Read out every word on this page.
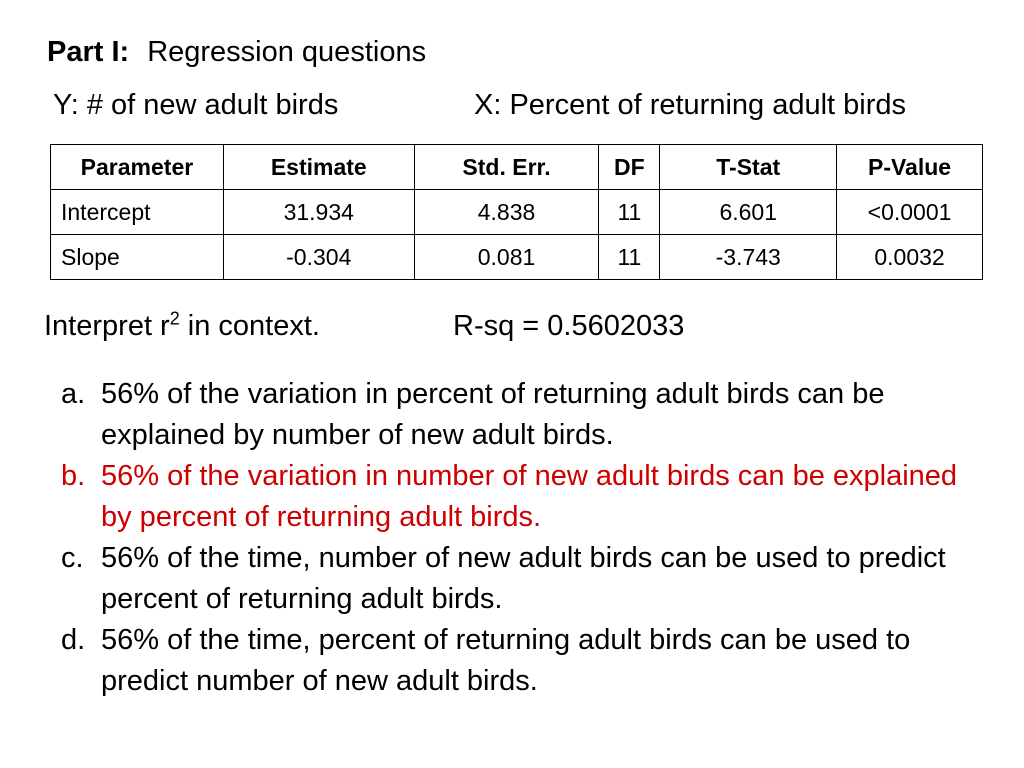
Part I: Regression questions
Y: # of new adult birds	X: Percent of returning adult birds
Parameter	Estimate	Std. Err.	DF	T-Stat	P-Value
Intercept	31.934	4.838	11	6.601	<0.0001
Slope	-0.304	0.081	11	-3.743	0.0032
Interpret $r^2$ in context.	R-sq = 0.5602033
a. 56% of the variation in percent of returning adult birds can be explained by number of new adult birds.
b. 56% of the variation in number of new adult birds can be explained by percent of returning adult birds.
c. 56% of the time, number of new adult birds can be used to predict percent of returning adult birds.
d. 56% of the time, percent of returning adult birds can be used to predict number of new adult birds.
